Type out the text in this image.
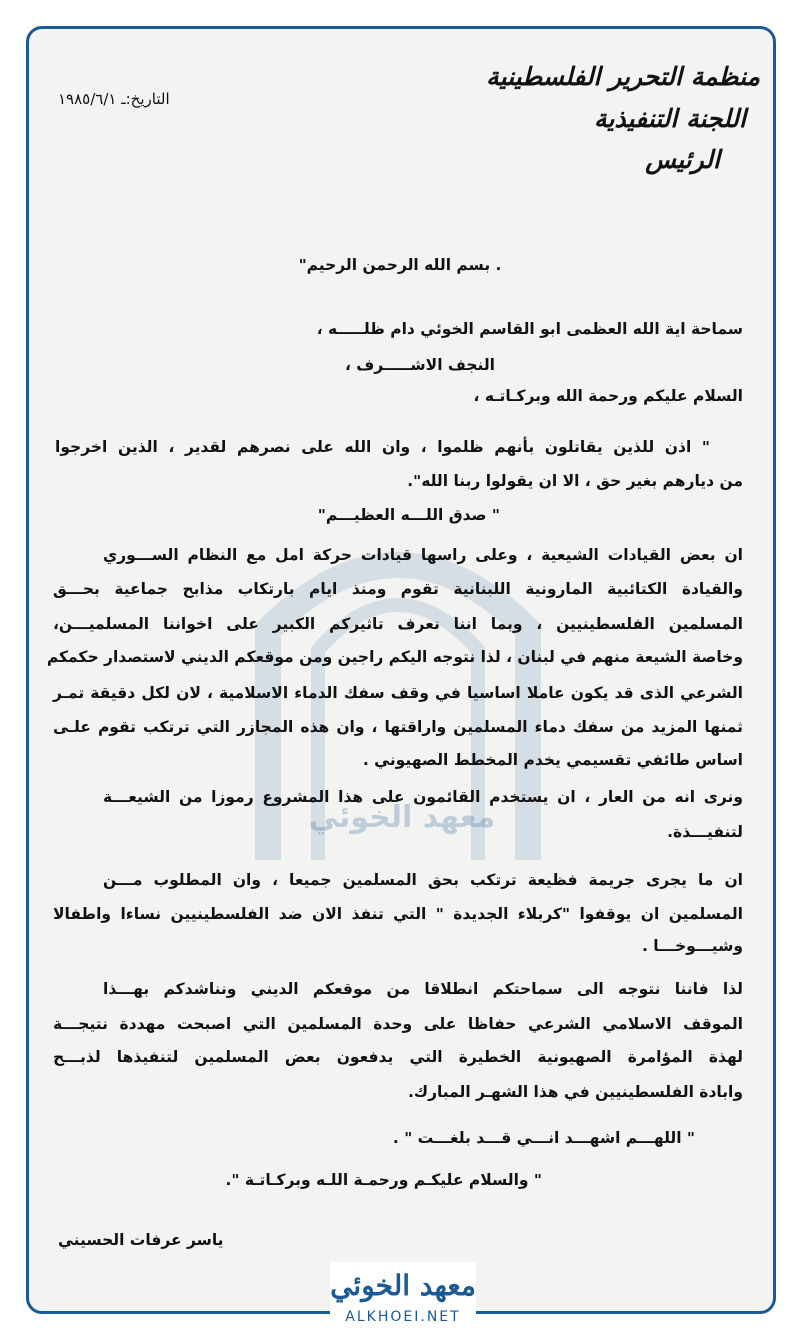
معهد الخوئي
منظمة التحرير الفلسطينية
اللجنة التنفيذية
الرئيس
التاريخ:ـ ١٩٨٥/٦/١
. بسم الله الرحمن الرحيم"
سماحة اية الله العظمى ابو القاسم الخوئي دام ظلـــــه ،
النجف الاشـــــرف ،
السلام عليكم ورحمة الله وبركـاتـه ،
" اذن للذين يقاتلون بأنهم ظلموا ، وان الله على نصرهم لقدير ، الذين اخرجوا
من ديارهم بغير حق ، الا ان يقولوا ربنا الله".
" صدق اللـــه العظيـــم"
ان بعض القيادات الشيعية ، وعلى راسها قيادات حركة امل مع النظام الســـوري
والقيادة الكتائبية المارونية اللبنانية تقوم ومنذ ايام بارتكاب مذابح جماعية بحـــق
المسلمين الفلسطينيين ، وبما اننا نعرف تاثيركم الكبير على اخواننا المسلميـــن،
وخاصة الشيعة منهم في لبنان ، لذا نتوجه اليكم راجين ومن موقعكم الديني لاستصدار حكمكم
الشرعي الذى قد يكون عاملا اساسيا في وقف سفك الدماء الاسلامية ، لان لكل دقيقة تمـر
ثمنها المزيد من سفك دماء المسلمين واراقتها ، وان هذه المجازر التي ترتكب تقوم علـى
اساس طائفي تقسيمي يخدم المخطط الصهيوني .
ونرى انه من العار ، ان يستخدم القائمون على هذا المشروع رموزا من الشيعـــة
لتنفيـــذة.
ان ما يجرى جريمة فظيعة ترتكب بحق المسلمين جميعا ، وان المطلوب مـــن
المسلمين ان يوقفوا "كربلاء الجديدة " التي تنفذ الان ضد الفلسطينيين نساءا واطفالا
وشيـــوخـــا .
لذا فاننا نتوجه الى سماحتكم انطلاقا من موقعكم الديني ونناشدكم بهـــذا
الموقف الاسلامي الشرعي حفاظا على وحدة المسلمين التي اصبحت مهددة نتيجـــة
لهذة المؤامرة الصهيونية الخطيرة التي يدفعون بعض المسلمين لتنفيذها لذبـــح
وابادة الفلسطينيين في هذا الشهـر المبارك.
" اللهـــم اشهـــد انـــي قـــد بلغـــت " .
" والسلام عليكـم ورحمـة اللـه وبركـاتـة ".
ياسر عرفات الحسيني
معهد الخوئي
ALKHOEI.NET
